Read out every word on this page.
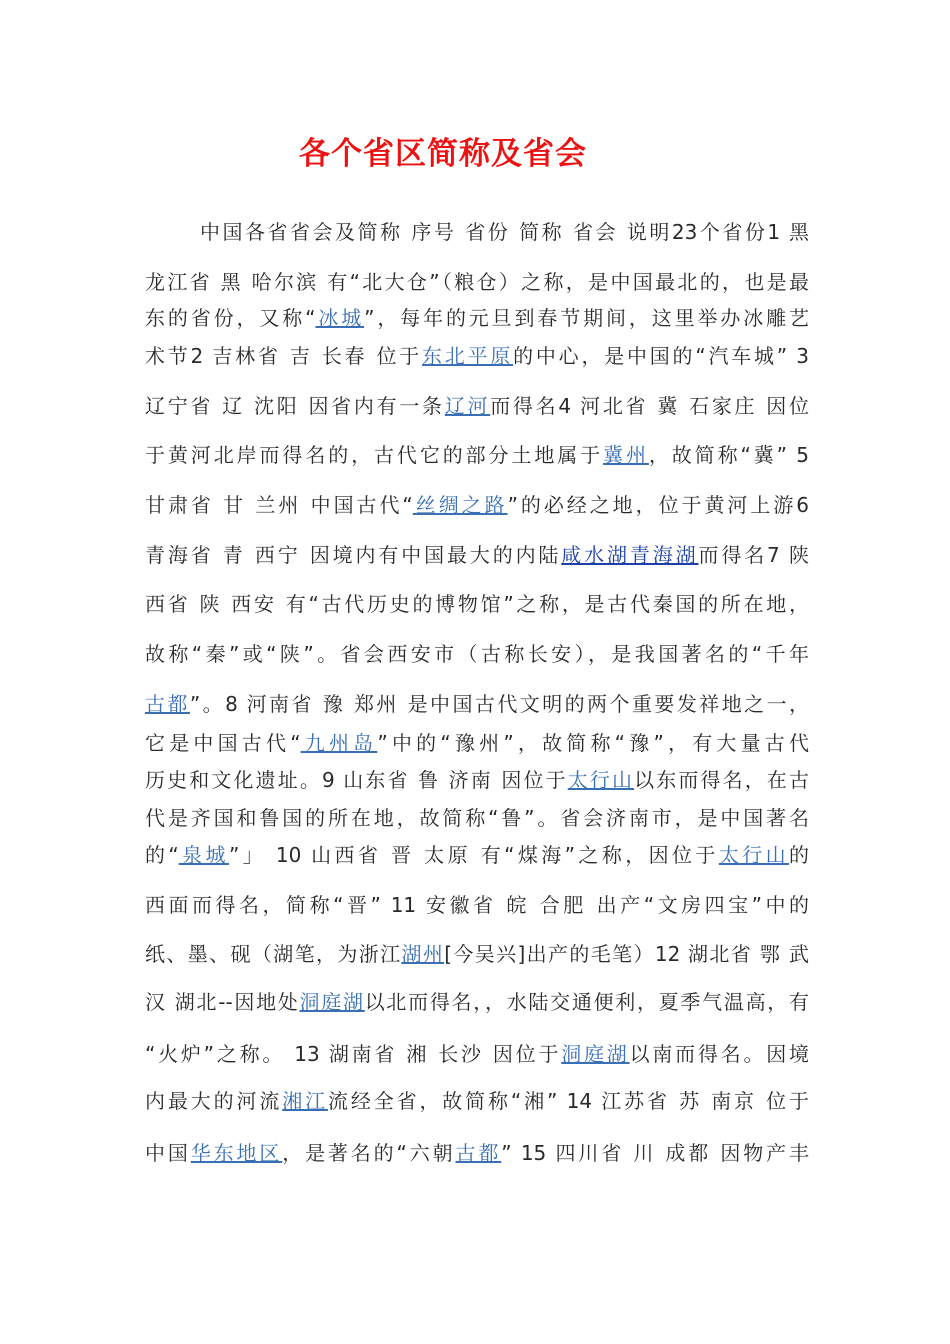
各个省区简称及省会
中国各省省会及简称 序号 省份 简称 省会 说明23个省份1 黑
龙江省 黑 哈尔滨 有“北大仓”（粮仓）之称，是中国最北的，也是最
东的省份，又称“冰城”，每年的元旦到春节期间，这里举办冰雕艺
术节2 吉林省 吉 长春 位于东北平原的中心，是中国的“汽车城” 3
辽宁省 辽 沈阳 因省内有一条辽河而得名4 河北省 冀 石家庄 因位
于黄河北岸而得名的，古代它的部分土地属于冀州，故简称“冀” 5
甘肃省 甘 兰州 中国古代“丝绸之路”的必经之地，位于黄河上游6
青海省 青 西宁 因境内有中国最大的内陆咸水湖青海湖而得名7 陕
西省 陕 西安 有“古代历史的博物馆”之称，是古代秦国的所在地，
故称“秦”或“陕”。省会西安市（古称长安），是我国著名的“千年
古都”。8 河南省 豫 郑州 是中国古代文明的两个重要发祥地之一，
它是中国古代“九州岛”中的“豫州”，故简称“豫”，有大量古代
历史和文化遗址。9 山东省 鲁 济南 因位于太行山以东而得名，在古
代是齐国和鲁国的所在地，故简称“鲁”。省会济南市，是中国著名
的“泉城”」 10 山西省 晋 太原 有“煤海”之称，因位于太行山的
西面而得名，简称“晋” 11 安徽省 皖 合肥 出产“文房四宝”中的
纸、墨、砚（湖笔，为浙江湖州[今吴兴]出产的毛笔）12 湖北省 鄂 武
汉 湖北--因地处洞庭湖以北而得名，，水陆交通便利，夏季气温高，有
“火炉”之称。 13 湖南省 湘 长沙 因位于洞庭湖以南而得名。因境
内最大的河流湘江流经全省，故简称“湘” 14 江苏省 苏 南京 位于
中国华东地区，是著名的“六朝古都” 15 四川省 川 成都 因物产丰
